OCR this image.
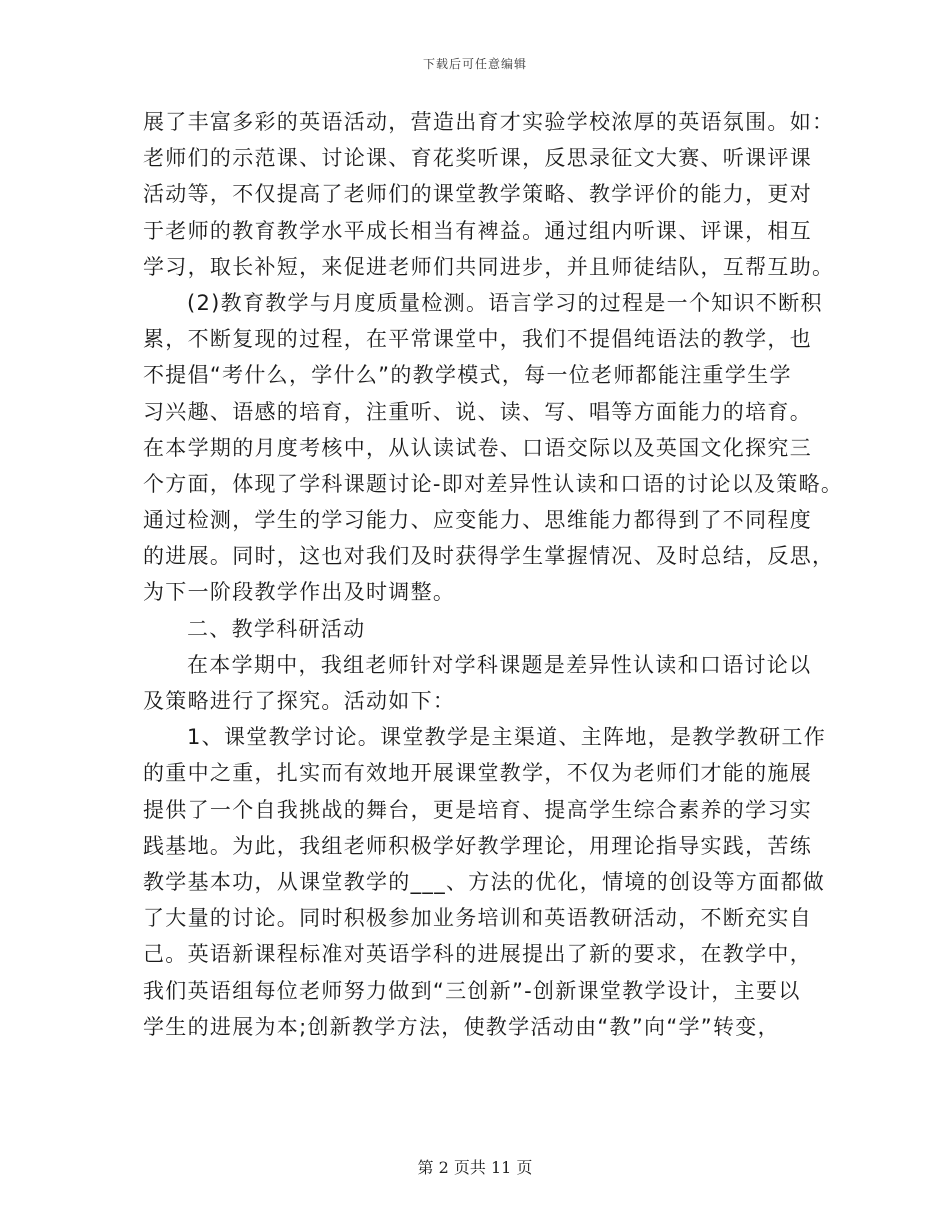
下载后可任意编辑
展了丰富多彩的英语活动，营造出育才实验学校浓厚的英语氛围。如：
老师们的示范课、讨论课、育花奖听课，反思录征文大赛、听课评课
活动等，不仅提高了老师们的课堂教学策略、教学评价的能力，更对
于老师的教育教学水平成长相当有裨益。通过组内听课、评课，相互
学习，取长补短，来促进老师们共同进步，并且师徒结队，互帮互助。
(2)教育教学与月度质量检测。语言学习的过程是一个知识不断积
累，不断复现的过程，在平常课堂中，我们不提倡纯语法的教学，也
不提倡“考什么，学什么”的教学模式，每一位老师都能注重学生学
习兴趣、语感的培育，注重听、说、读、写、唱等方面能力的培育。
在本学期的月度考核中，从认读试卷、口语交际以及英国文化探究三
个方面，体现了学科课题讨论-即对差异性认读和口语的讨论以及策略。
通过检测，学生的学习能力、应变能力、思维能力都得到了不同程度
的进展。同时，这也对我们及时获得学生掌握情况、及时总结，反思，
为下一阶段教学作出及时调整。
二、教学科研活动
在本学期中，我组老师针对学科课题是差异性认读和口语讨论以
及策略进行了探究。活动如下：
1、课堂教学讨论。课堂教学是主渠道、主阵地，是教学教研工作
的重中之重，扎实而有效地开展课堂教学，不仅为老师们才能的施展
提供了一个自我挑战的舞台，更是培育、提高学生综合素养的学习实
践基地。为此，我组老师积极学好教学理论，用理论指导实践，苦练
教学基本功，从课堂教学的___、方法的优化，情境的创设等方面都做
了大量的讨论。同时积极参加业务培训和英语教研活动，不断充实自
己。英语新课程标准对英语学科的进展提出了新的要求，在教学中，
我们英语组每位老师努力做到“三创新”-创新课堂教学设计，主要以
学生的进展为本;创新教学方法，使教学活动由“教”向“学”转变，
第 2 页共 11 页
